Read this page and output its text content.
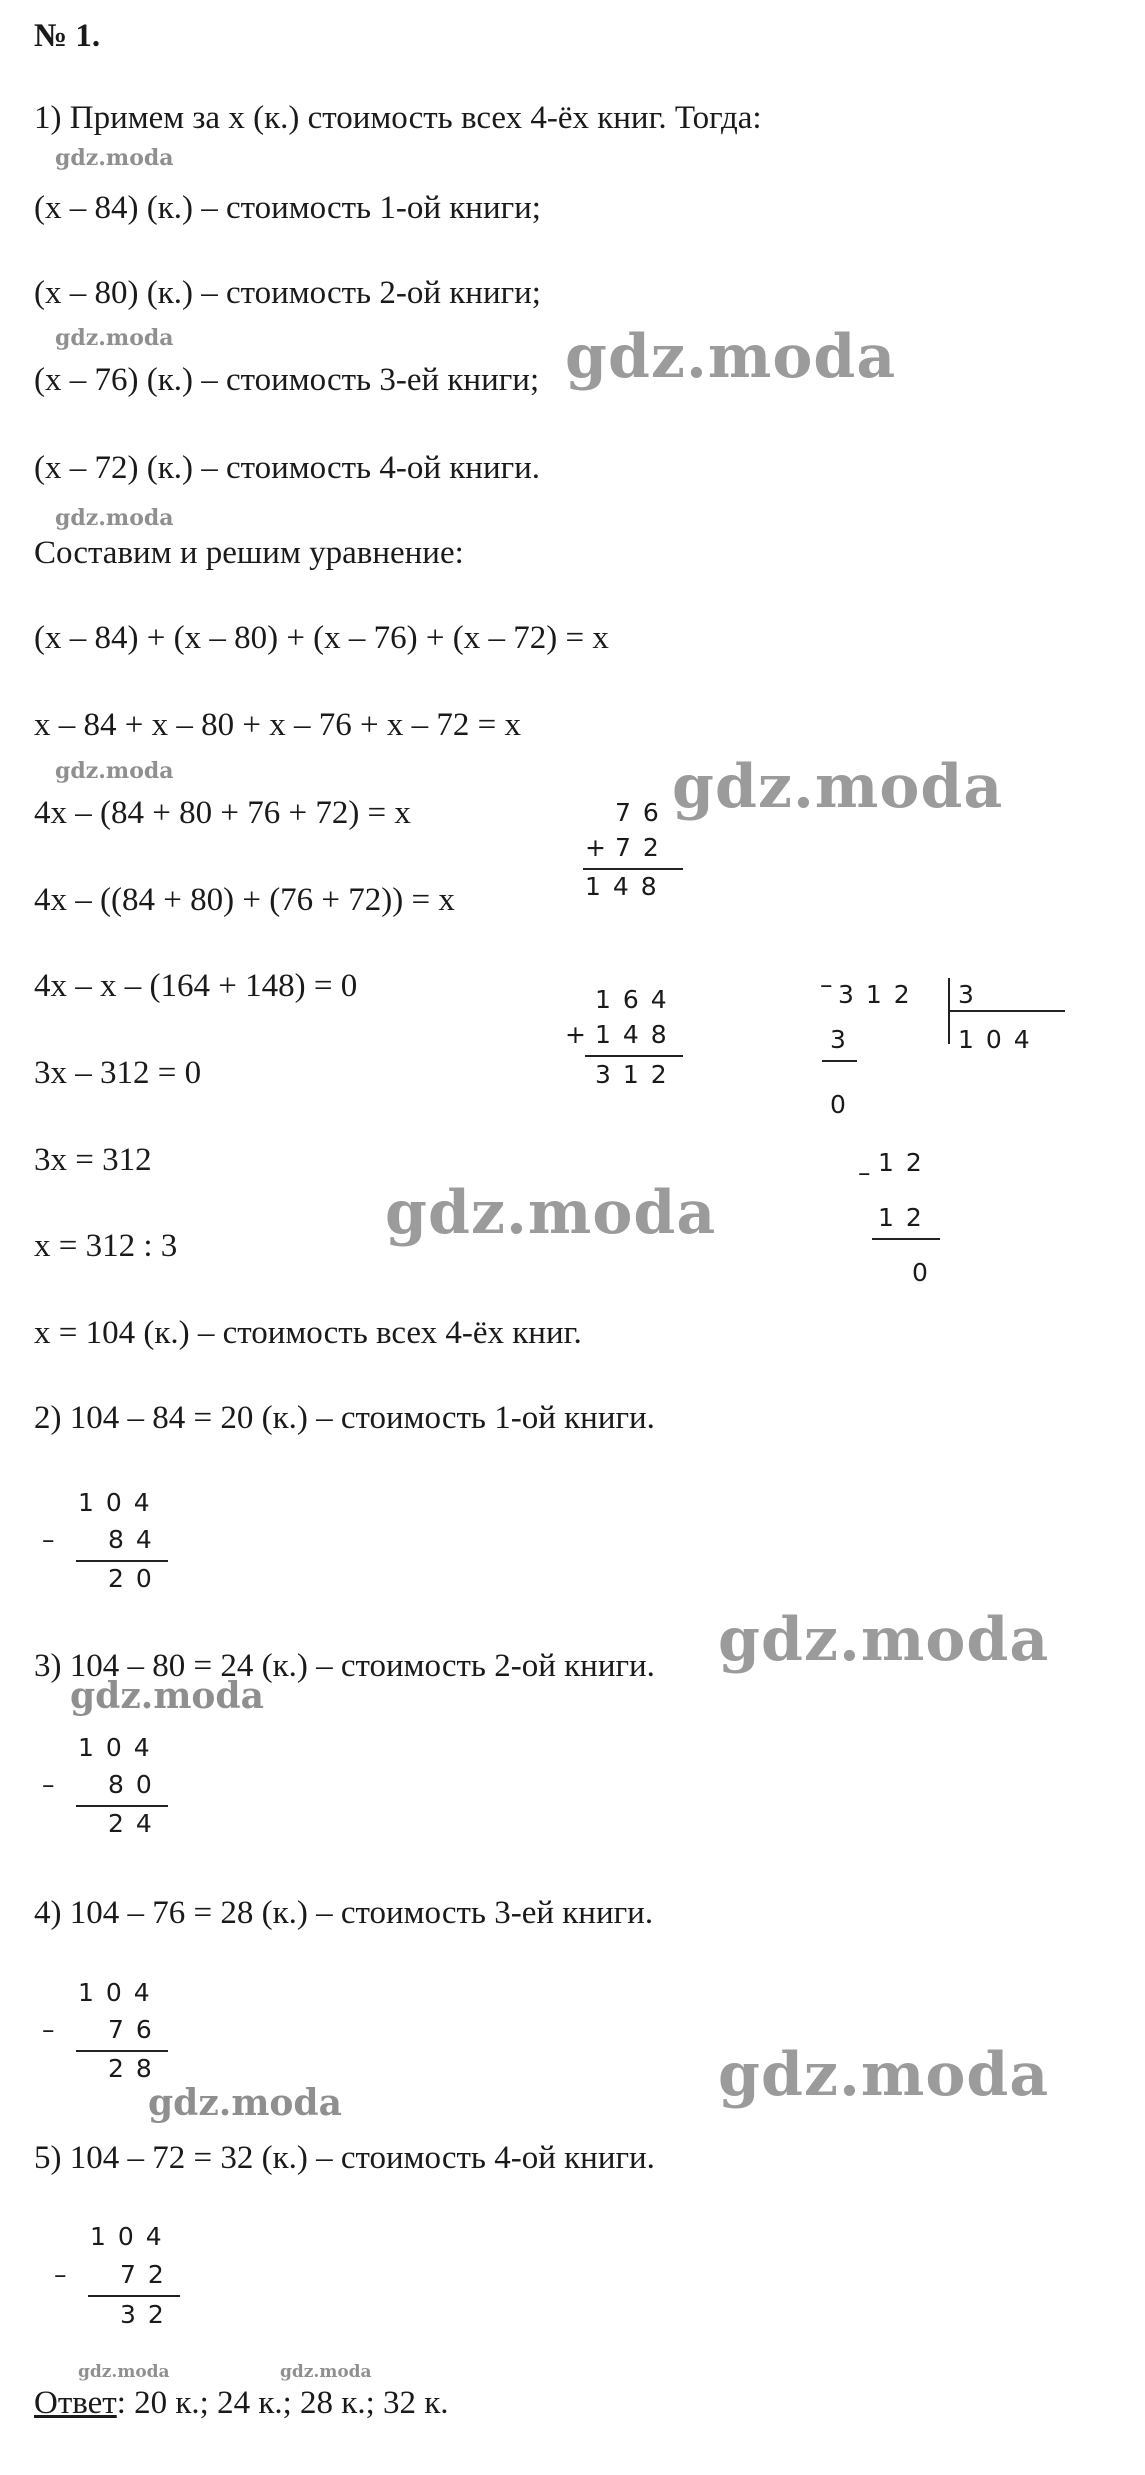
№ 1.
1) Примем за x (к.) стоимость всех 4-ёх книг. Тогда:
(x – 84) (к.) – стоимость 1-ой книги;
(x – 80) (к.) – стоимость 2-ой книги;
(x – 76) (к.) – стоимость 3-ей книги;
(x – 72) (к.) – стоимость 4-ой книги.
Составим и решим уравнение:
(x – 84) + (x – 80) + (x – 76) + (x – 72) = x
x – 84 + x – 80 + x – 76 + x – 72 = x
4x – (84 + 80 + 76 + 72) = x
4x – ((84 + 80) + (76 + 72)) = x
4x – x – (164 + 148) = 0
3x – 312 = 0
3x = 312
x = 312 : 3
x = 104 (к.) – стоимость всех 4-ёх книг.
2) 104 – 84 = 20 (к.) – стоимость 1-ой книги.
3) 104 – 80 = 24 (к.) – стоимость 2-ой книги.
4) 104 – 76 = 28 (к.) – стоимость 3-ей книги.
5) 104 – 72 = 32 (к.) – стоимость 4-ой книги.
Ответ: 20 к.; 24 к.; 28 к.; 32 к.
7 6
+ 7 2
1 4 8
1 6 4
+ 1 4 8
3 1 2
– 3 1 2 3
1 0 4
3
0
– 1 2
1 2
0
1 0 4
– 8 4
2 0
1 0 4
– 8 0
2 4
1 0 4
– 7 6
2 8
1 0 4
– 7 2
3 2
gdz.moda
gdz.moda	gdz.moda
gdz.moda
gdz.moda	gdz.moda
gdz.moda
gdz.moda
gdz.moda
gdz.moda
gdz.moda
gdz.moda	gdz.moda
